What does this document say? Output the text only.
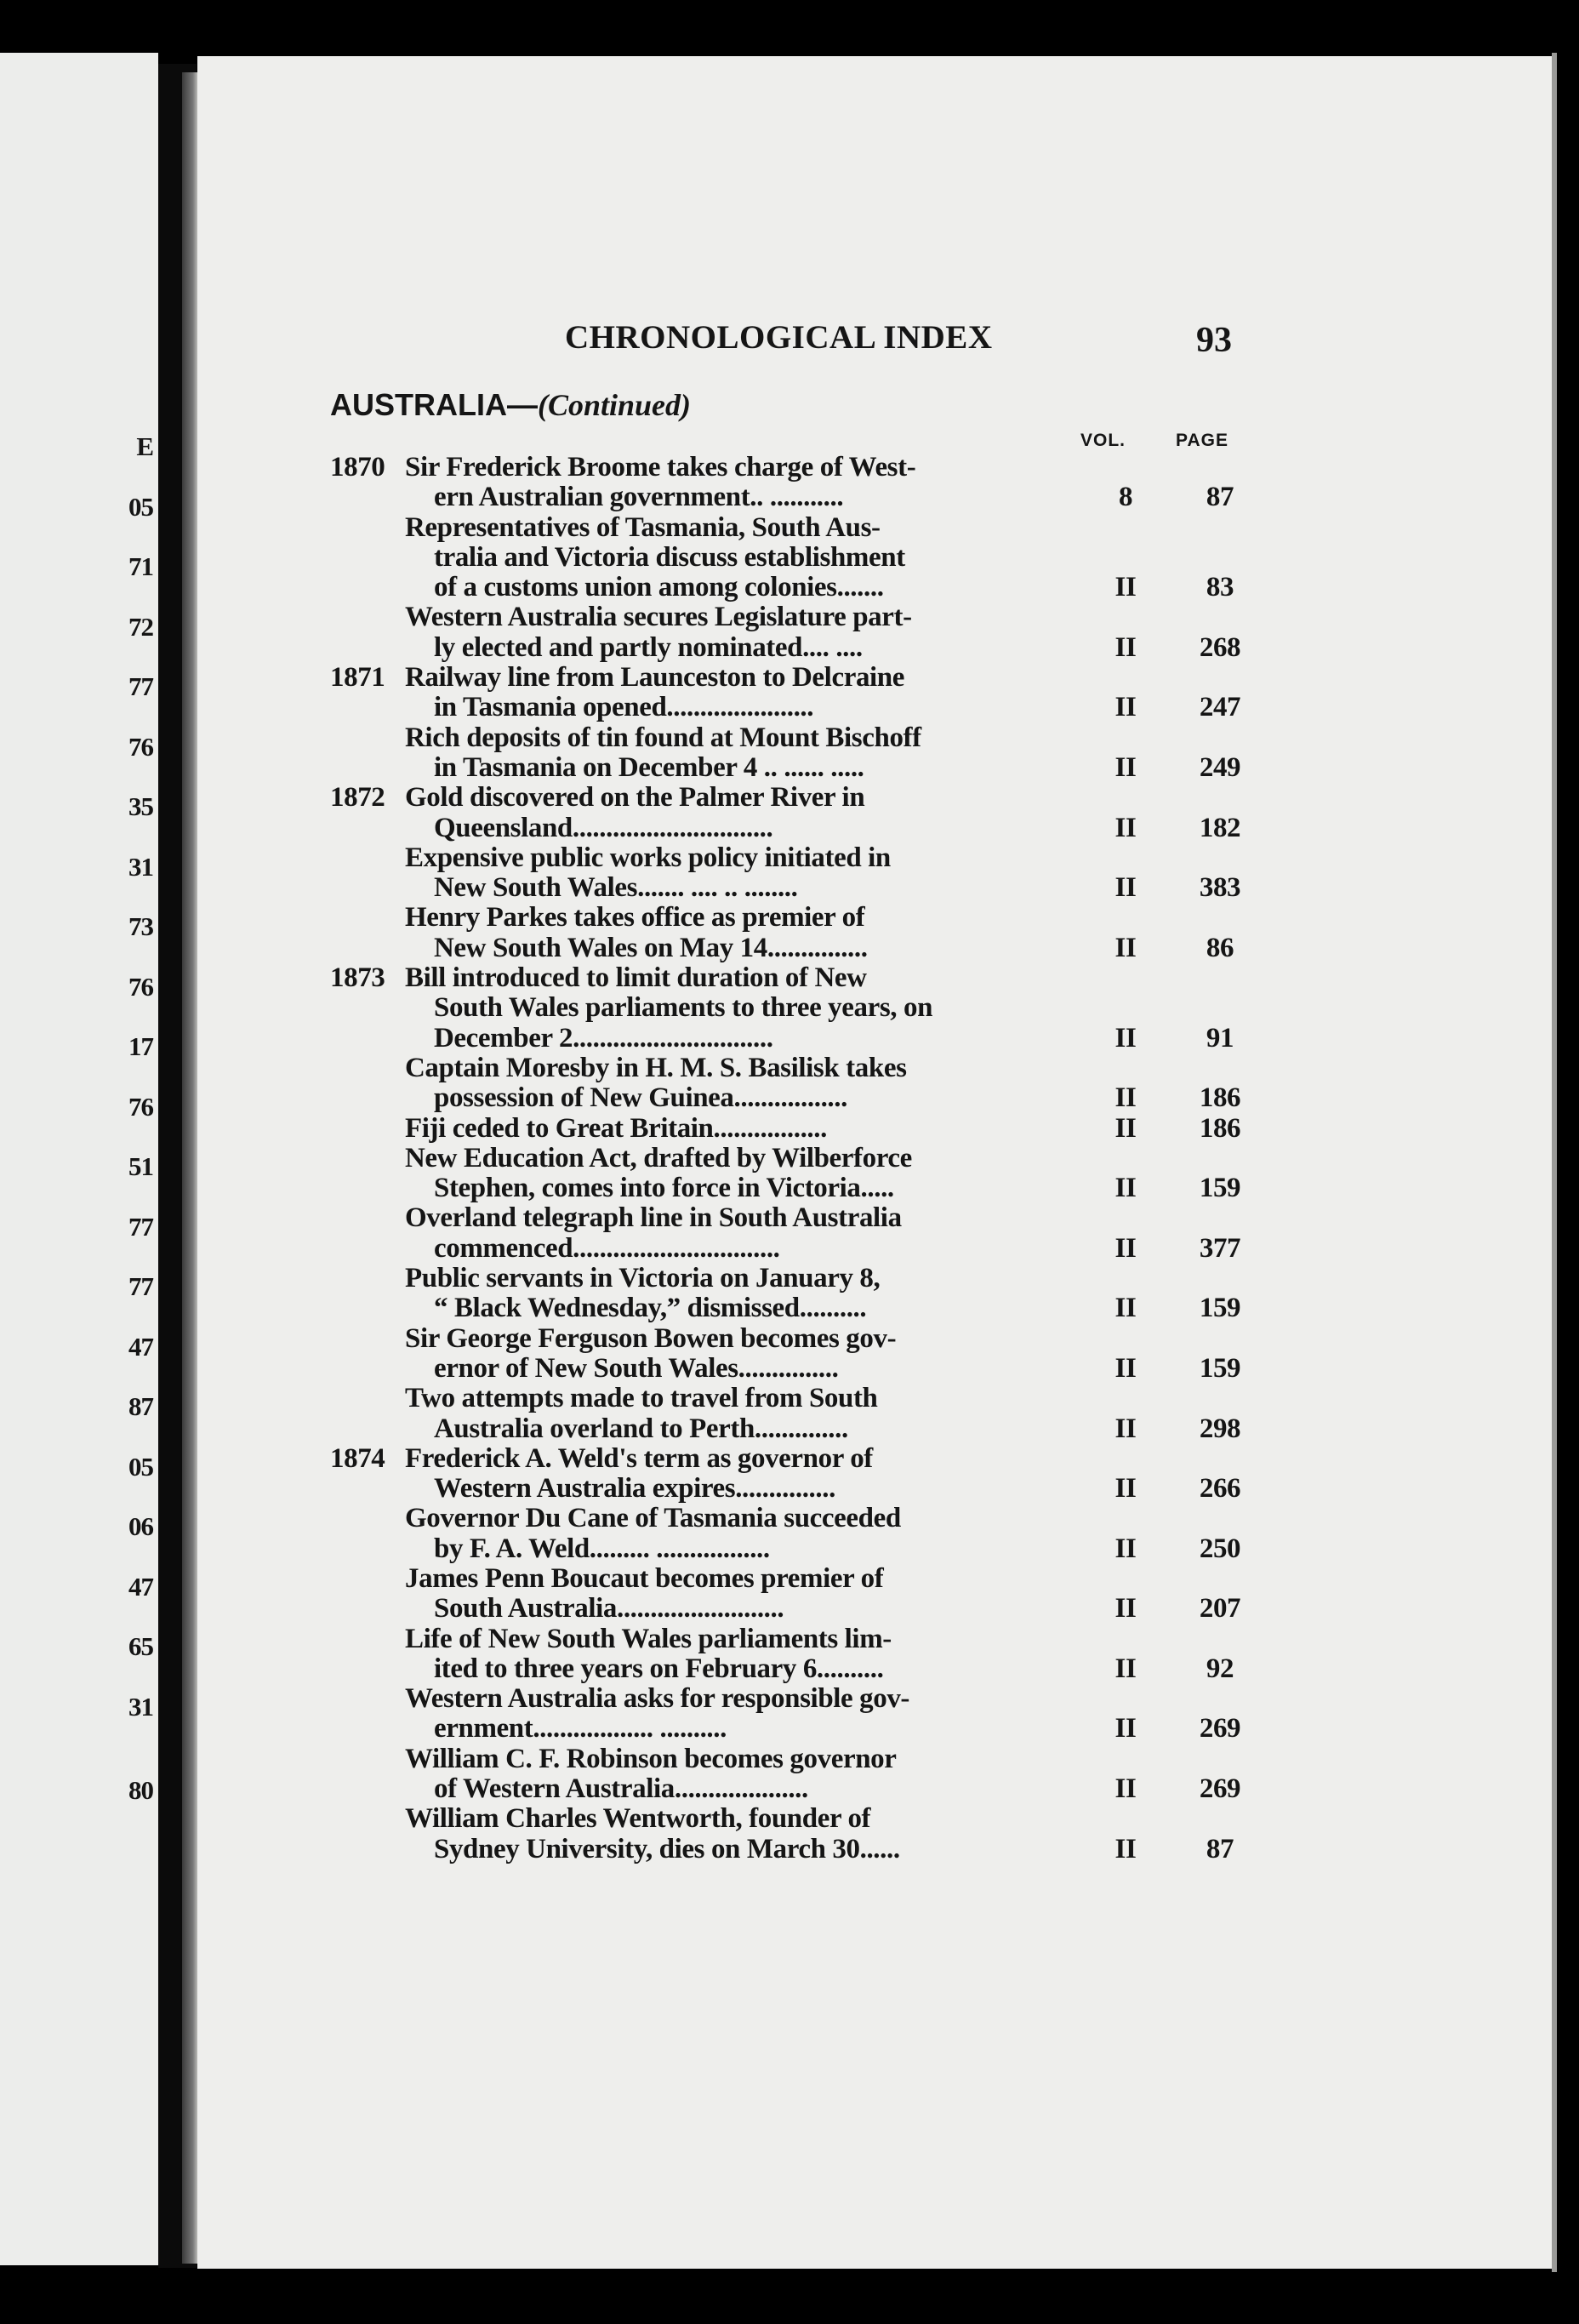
E
05
71
72
77
76
35
31
73
76
17
76
51
77
77
47
87
05
06
47
65
31
80
CHRONOLOGICAL INDEX	93
AUSTRALIA—(Continued)
VOL.	PAGE
1870 Sir Frederick Broome takes charge of West-
ern Australian government.. ...........	8	87
Representatives of Tasmania, South Aus-
tralia and Victoria discuss establishment
of a customs union among colonies.......	II	83
Western Australia secures Legislature part-
ly elected and partly nominated.... ....	II	268
1871 Railway line from Launceston to Delcraine
in Tasmania opened......................	II	247
Rich deposits of tin found at Mount Bischoff
in Tasmania on December 4 .. ...... .....	II	249
1872 Gold discovered on the Palmer River in
Queensland..............................	II	182
Expensive public works policy initiated in
New South Wales....... .... .. ........	II	383
Henry Parkes takes office as premier of
New South Wales on May 14...............	II	86
1873 Bill introduced to limit duration of New
South Wales parliaments to three years, on
December 2..............................	II	91
Captain Moresby in H. M. S. Basilisk takes
possession of New Guinea.................	II	186
Fiji ceded to Great Britain.................	II	186
New Education Act, drafted by Wilberforce
Stephen, comes into force in Victoria.....	II	159
Overland telegraph line in South Australia
commenced...............................	II	377
Public servants in Victoria on January 8,
“ Black Wednesday,” dismissed..........	II	159
Sir George Ferguson Bowen becomes gov-
ernor of New South Wales...............	II	159
Two attempts made to travel from South
Australia overland to Perth..............	II	298
1874 Frederick A. Weld's term as governor of
Western Australia expires...............	II	266
Governor Du Cane of Tasmania succeeded
by F. A. Weld......... .................	II	250
James Penn Boucaut becomes premier of
South Australia.........................	II	207
Life of New South Wales parliaments lim-
ited to three years on February 6..........	II	92
Western Australia asks for responsible gov-
ernment.................. ..........	II	269
William C. F. Robinson becomes governor
of Western Australia....................	II	269
William Charles Wentworth, founder of
Sydney University, dies on March 30......	II	87
